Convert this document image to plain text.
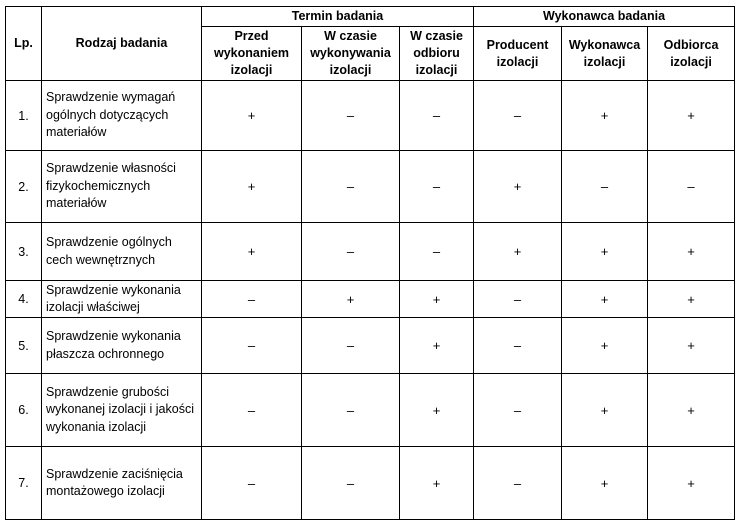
Lp.	Rodzaj badania	Termin badania			Wykonawca badania		
		Przed wykonaniem izolacji	W czasie wykonywania izolacji	W czasie odbioru izolacji	Producent izolacji	Wykonawca izolacji	Odbiorca izolacji
1.	Sprawdzenie wymagań ogólnych dotyczących materiałów	+	–	–	–	+	+
2.	Sprawdzenie własności fizykochemicznych materiałów	+	–	–	+	–	–
3.	Sprawdzenie ogólnych cech wewnętrznych	+	–	–	+	+	+
4.	Sprawdzenie wykonania izolacji właściwej	–	+	+	–	+	+
5.	Sprawdzenie wykonania płaszcza ochronnego	–	–	+	–	+	+
6.	Sprawdzenie grubości wykonanej izolacji i jakości wykonania izolacji	–	–	+	–	+	+
7.	Sprawdzenie zaciśnięcia montażowego izolacji	–	–	+	–	+	+
